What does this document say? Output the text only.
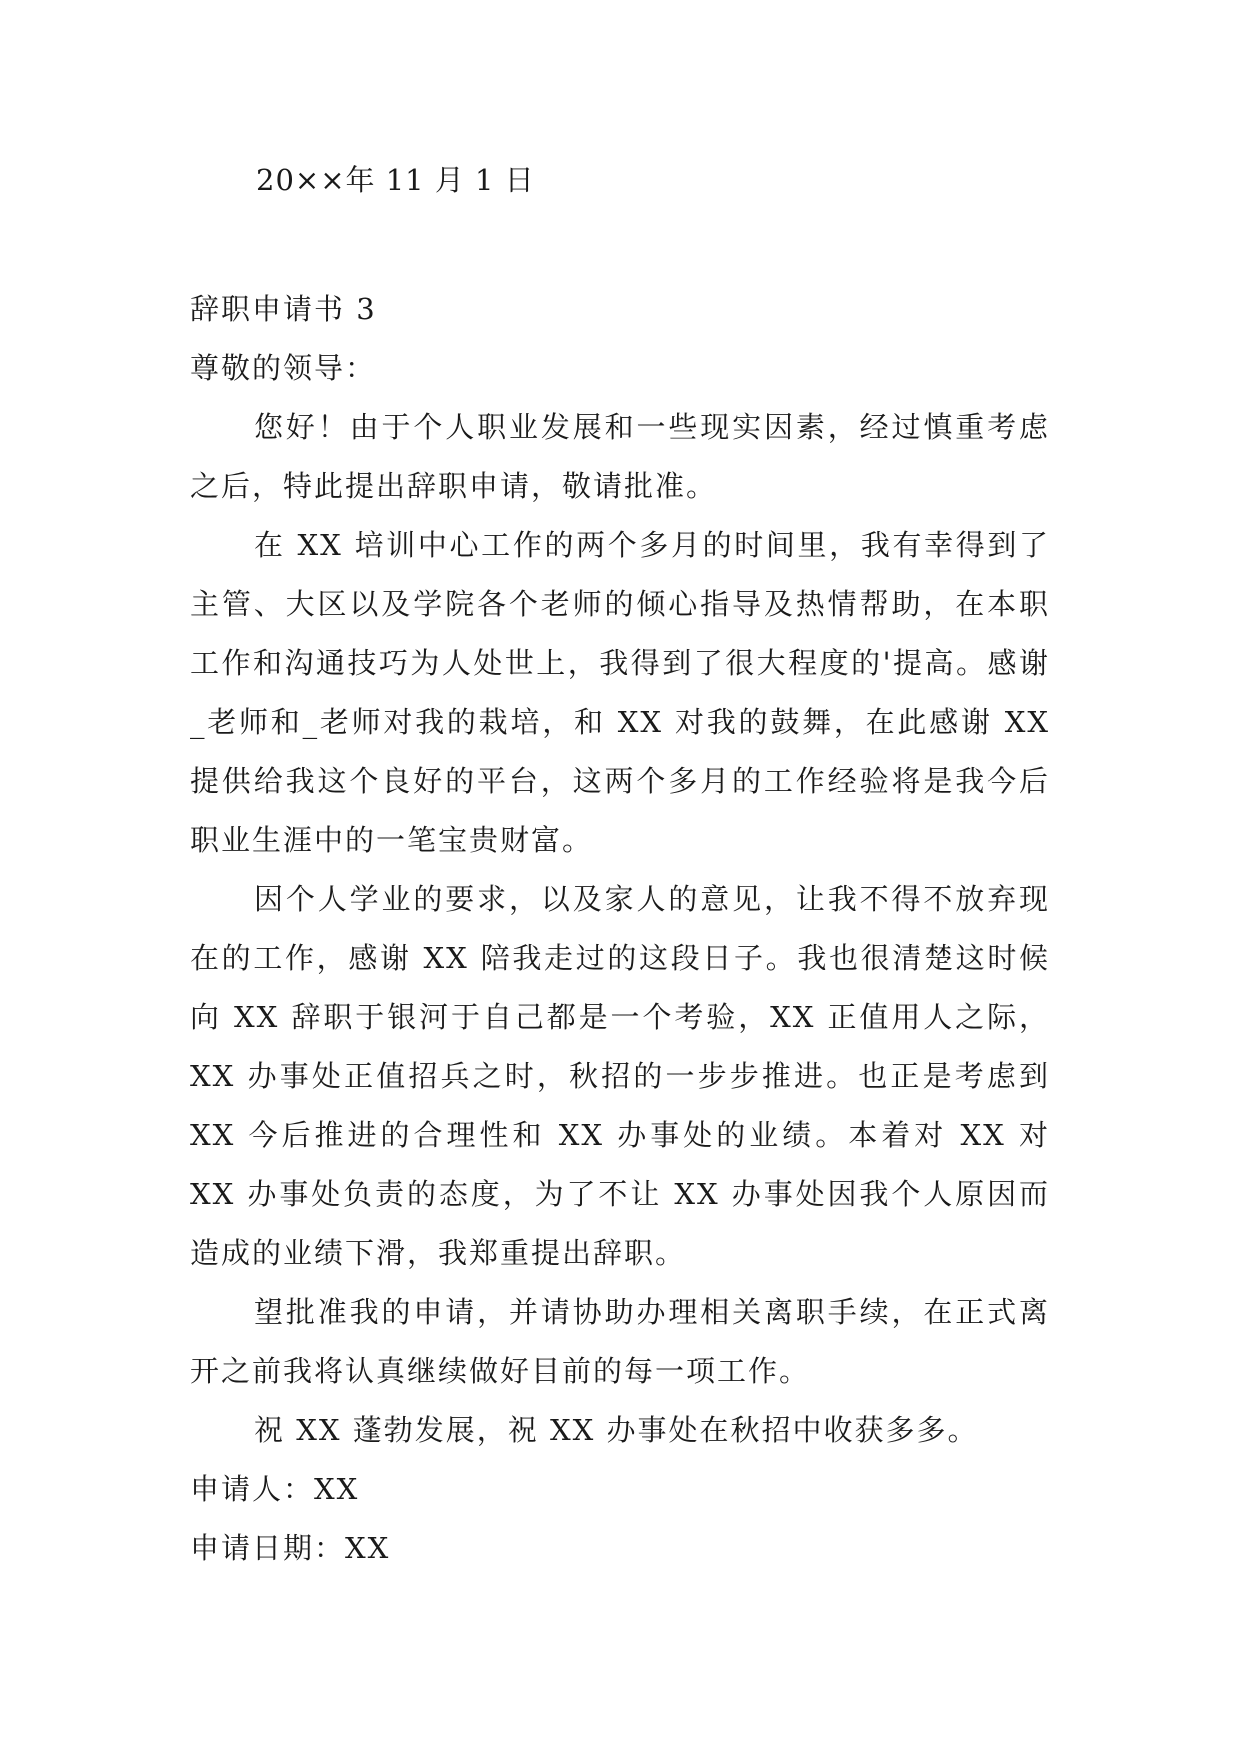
20××年 11 月 1 日

辞职申请书 3

尊敬的领导：

您好！由于个人职业发展和一些现实因素，经过慎重考虑之后，特此提出辞职申请，敬请批准。

在 XX 培训中心工作的两个多月的时间里，我有幸得到了主管、大区以及学院各个老师的倾心指导及热情帮助，在本职工作和沟通技巧为人处世上，我得到了很大程度的'提高。感谢_老师和_老师对我的栽培，和 XX 对我的鼓舞，在此感谢 XX 提供给我这个良好的平台，这两个多月的工作经验将是我今后职业生涯中的一笔宝贵财富。

因个人学业的要求，以及家人的意见，让我不得不放弃现在的工作，感谢 XX 陪我走过的这段日子。我也很清楚这时候向 XX 辞职于银河于自己都是一个考验，XX 正值用人之际，XX 办事处正值招兵之时，秋招的一步步推进。也正是考虑到 XX 今后推进的合理性和 XX 办事处的业绩。本着对 XX 对 XX 办事处负责的态度，为了不让 XX 办事处因我个人原因而造成的业绩下滑，我郑重提出辞职。

望批准我的申请，并请协助办理相关离职手续，在正式离开之前我将认真继续做好目前的每一项工作。

祝 XX 蓬勃发展，祝 XX 办事处在秋招中收获多多。

申请人：XX

申请日期：XX
